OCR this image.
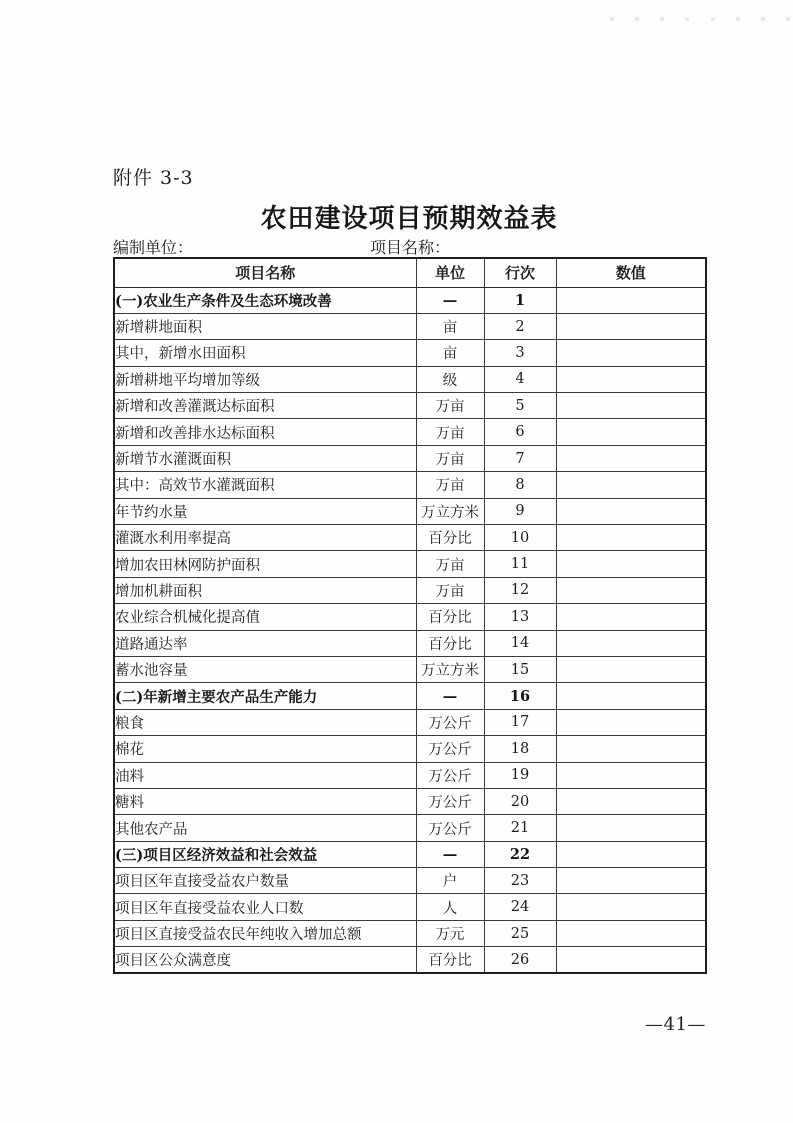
附件 3-3
农田建设项目预期效益表
编制单位：	项目名称：
项目名称	单位	行次	数值
(一)农业生产条件及生态环境改善	—	1	
新增耕地面积	亩	2	
其中，新增水田面积	亩	3	
新增耕地平均增加等级	级	4	
新增和改善灌溉达标面积	万亩	5	
新增和改善排水达标面积	万亩	6	
新增节水灌溉面积	万亩	7	
其中：高效节水灌溉面积	万亩	8	
年节约水量	万立方米	9	
灌溉水利用率提高	百分比	10	
增加农田林网防护面积	万亩	11	
增加机耕面积	万亩	12	
农业综合机械化提高值	百分比	13	
道路通达率	百分比	14	
蓄水池容量	万立方米	15	
(二)年新增主要农产品生产能力	—	16	
粮食	万公斤	17	
棉花	万公斤	18	
油料	万公斤	19	
糖料	万公斤	20	
其他农产品	万公斤	21	
(三)项目区经济效益和社会效益	—	22	
项目区年直接受益农户数量	户	23	
项目区年直接受益农业人口数	人	24	
项目区直接受益农民年纯收入增加总额	万元	25	
项目区公众满意度	百分比	26	
—41—
